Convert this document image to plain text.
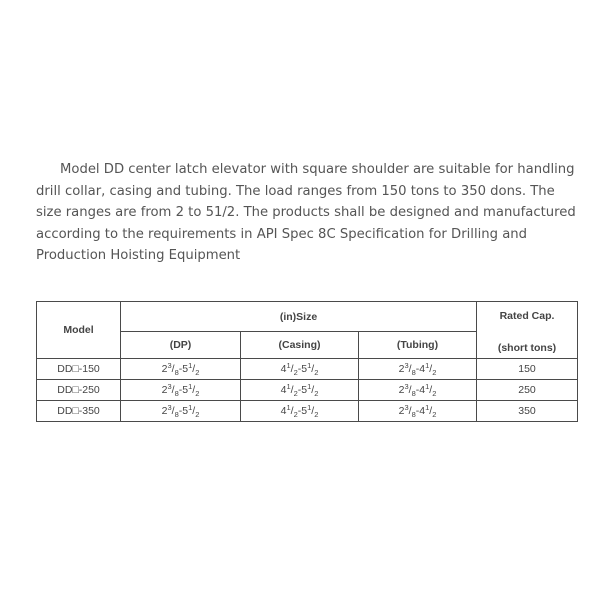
Model DD center latch elevator with square shoulder are suitable for handling drill collar, casing and tubing. The load ranges from 150 tons to 350 dons. The size ranges are from 2 to 51/2. The products shall be designed and manufactured according to the requirements in API Spec 8C Specification for Drilling and Production Hoisting Equipment

Model	(in)Size			Rated Cap.
(short tons)

	(DP)	(Casing)	(Tubing)	
DD□-150	$2^3/_8-5^1/_2$	$4^1/_2-5^1/_2$	$2^3/_8-4^1/_2$	150
DD□-250	$2^3/_8-5^1/_2$	$4^1/_2-5^1/_2$	$2^3/_8-4^1/_2$	250
DD□-350	$2^3/_8-5^1/_2$	$4^1/_2-5^1/_2$	$2^3/_8-4^1/_2$	350
